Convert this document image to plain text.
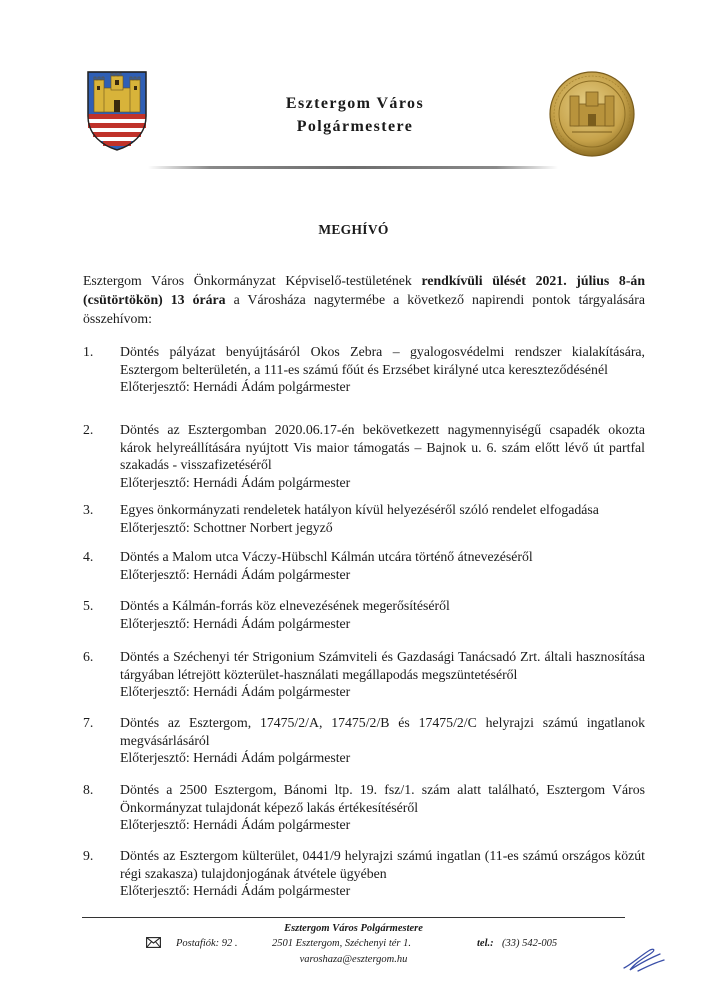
Esztergom Város
Polgármestere
MEGHÍVÓ
Esztergom Város Önkormányzat Képviselő-testületének rendkívüli ülését 2021. július 8-án (csütörtökön) 13 órára a Városháza nagytermébe a következő napirendi pontok tárgyalására összehívom:
1.	Döntés pályázat benyújtásáról Okos Zebra – gyalogosvédelmi rendszer kialakítására, Esztergom belterületén, a 111-es számú főút és Erzsébet királyné utca kereszteződésénél
Előterjesztő: Hernádi Ádám polgármester
2.	Döntés az Esztergomban 2020.06.17-én bekövetkezett nagymennyiségű csapadék okozta károk helyreállítására nyújtott Vis maior támogatás – Bajnok u. 6. szám előtt lévő út partfal szakadás - visszafizetéséről
Előterjesztő: Hernádi Ádám polgármester
3.	Egyes önkormányzati rendeletek hatályon kívül helyezéséről szóló rendelet elfogadása
Előterjesztő: Schottner Norbert jegyző
4.	Döntés a Malom utca Váczy-Hübschl Kálmán utcára történő átnevezéséről
Előterjesztő: Hernádi Ádám polgármester
5.	Döntés a Kálmán-forrás köz elnevezésének megerősítéséről
Előterjesztő: Hernádi Ádám polgármester
6.	Döntés a Széchenyi tér Strigonium Számviteli és Gazdasági Tanácsadó Zrt. általi hasznosítása tárgyában létrejött közterület-használati megállapodás megszüntetéséről
Előterjesztő: Hernádi Ádám polgármester
7.	Döntés az Esztergom, 17475/2/A, 17475/2/B és 17475/2/C helyrajzi számú ingatlanok megvásárlásáról
Előterjesztő: Hernádi Ádám polgármester
8.	Döntés a 2500 Esztergom, Bánomi ltp. 19. fsz/1. szám alatt található, Esztergom Város Önkormányzat tulajdonát képező lakás értékesítéséről
Előterjesztő: Hernádi Ádám polgármester
9.	Döntés az Esztergom külterület, 0441/9 helyrajzi számú ingatlan (11-es számú országos közút régi szakasza) tulajdonjogának átvétele ügyében
Előterjesztő: Hernádi Ádám polgármester
Esztergom Város Polgármestere
Postafiók: 92 .	2501 Esztergom, Széchenyi tér 1.	tel.: (33) 542-005
varoshaza@esztergom.hu
